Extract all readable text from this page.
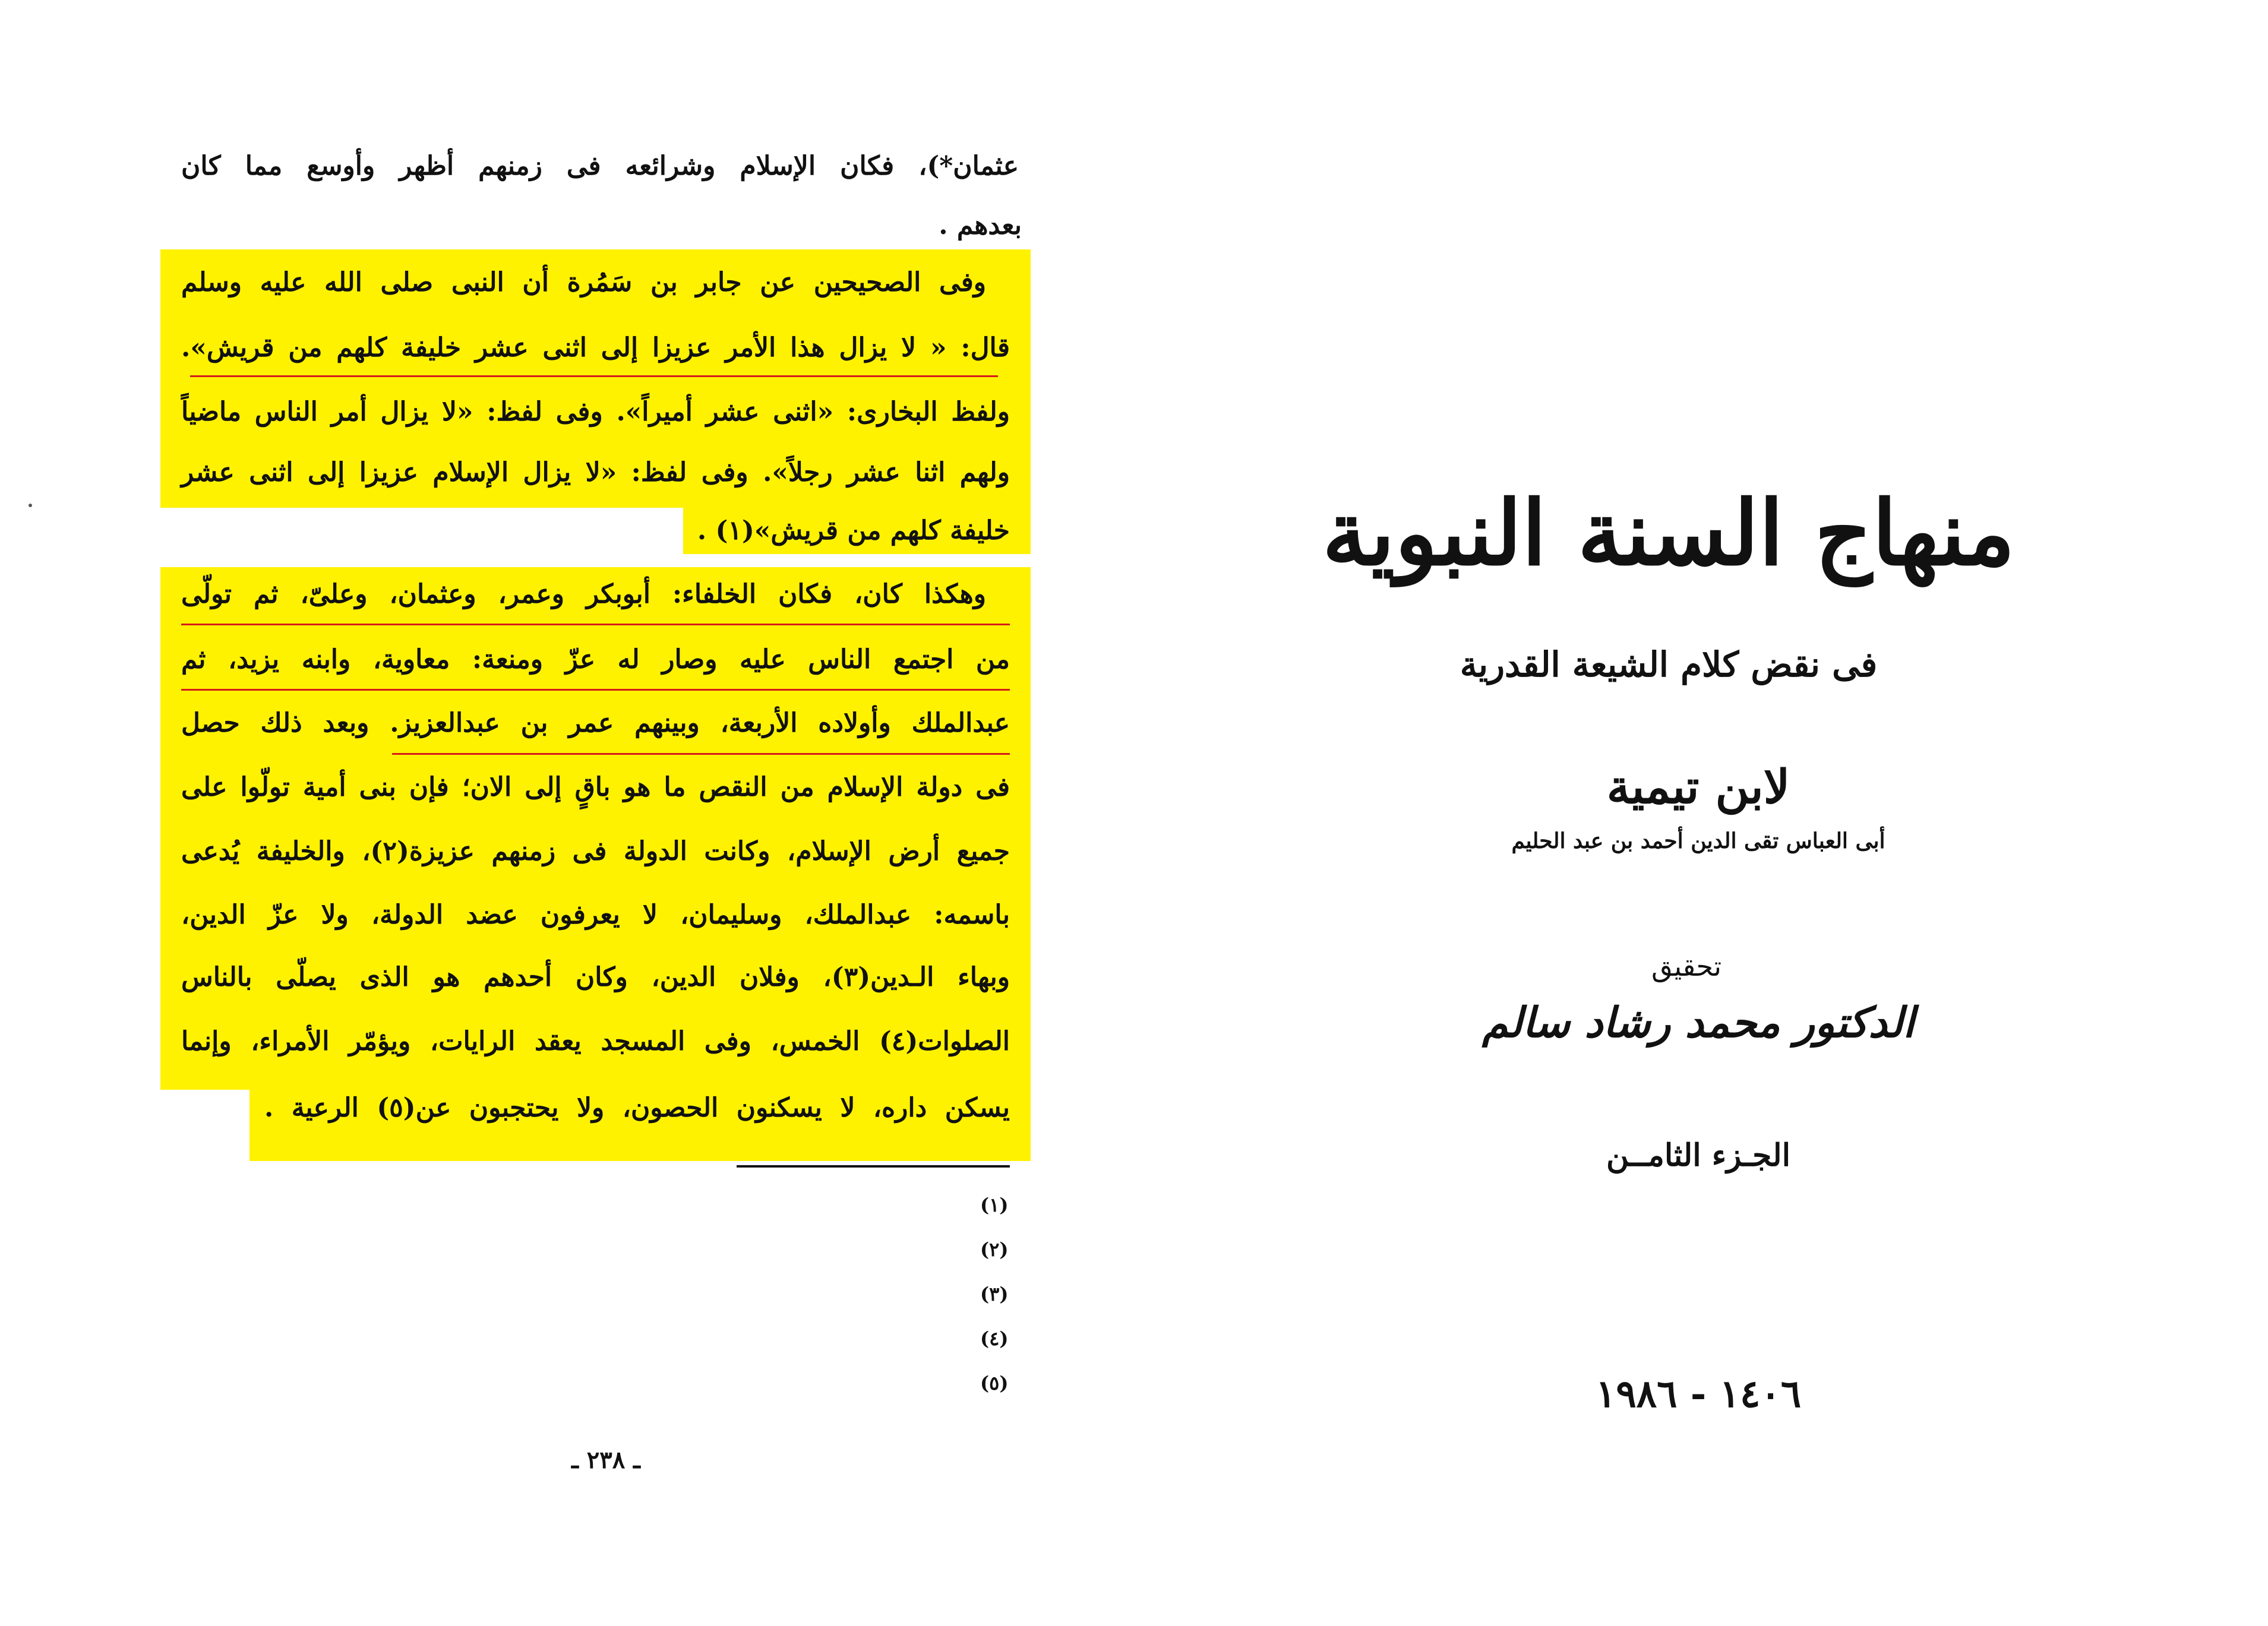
عثمان*)، فكان الإسلام وشرائعه فى زمنهم أظهر وأوسع مما كان
بعدهم .
وفى الصحيحين عن جابر بن سَمُرة أن النبى صلى الله عليه وسلم
قال: « لا يزال هذا الأمر عزيزا إلى اثنى عشر خليفة كلهم من قريش».
ولفظ البخارى: «اثنى عشر أميراً». وفى لفظ: «لا يزال أمر الناس ماضياً
ولهم اثنا عشر رجلاً». وفى لفظ: «لا يزال الإسلام عزيزا إلى اثنى عشر
خليفة كلهم من قريش»(١) .
وهكذا كان، فكان الخلفاء: أبوبكر وعمر، وعثمان، وعلىّ، ثم تولّى
من اجتمع الناس عليه وصار له عزّ ومنعة: معاوية، وابنه يزيد، ثم
عبدالملك وأولاده الأربعة، وبينهم عمر بن عبدالعزيز. وبعد ذلك حصل
فى دولة الإسلام من النقص ما هو باقٍ إلى الان؛ فإن بنى أمية تولّوا على
جميع أرض الإسلام، وكانت الدولة فى زمنهم عزيزة(٢)، والخليفة يُدعى
باسمه: عبدالملك، وسليمان، لا يعرفون عضد الدولة، ولا عزّ الدين،
وبهاء الـدين(٣)، وفلان الدين، وكان أحدهم هو الذى يصلّى بالناس
الصلوات(٤) الخمس، وفى المسجد يعقد الرايات، ويؤمّر الأمراء، وإنما
يسكن داره، لا يسكنون الحصون، ولا يحتجبون عن(٥) الرعية .
(١)
(٢)
(٣)
(٤)
(٥)
ـ ٢٣٨ ـ
منهاج السنة النبوية
فى نقض كلام الشيعة القدرية
لابن تيمية
أبى العباس تقى الدين أحمد بن عبد الحليم
تحقيق
الدكتور محمد رشاد سالم
الجـزء الثامــن
١٤٠٦ - ١٩٨٦
